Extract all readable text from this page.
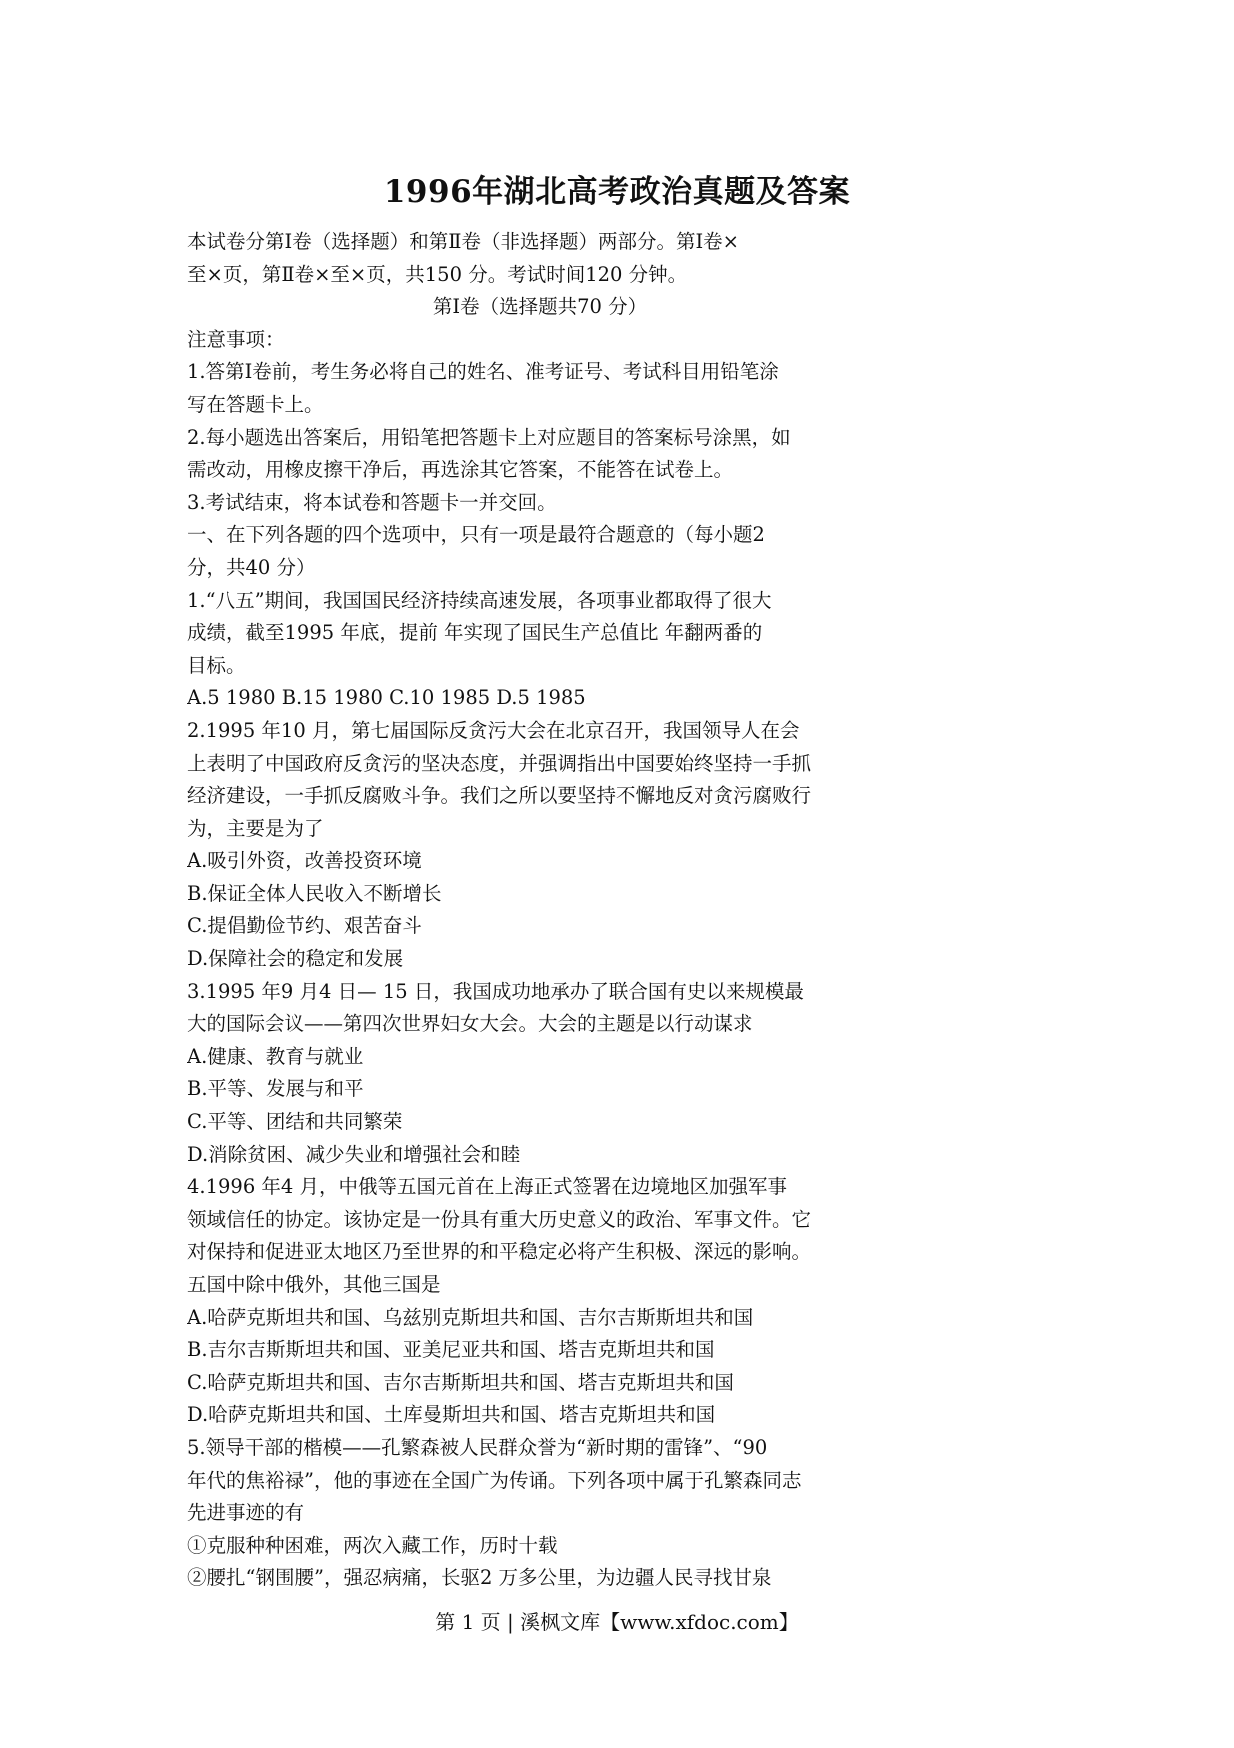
1996年湖北高考政治真题及答案
本试卷分第Ⅰ卷（选择题）和第Ⅱ卷（非选择题）两部分。第Ⅰ卷×
至×页，第Ⅱ卷×至×页，共150 分。考试时间120 分钟。
第Ⅰ卷（选择题共70 分）
注意事项：
1.答第Ⅰ卷前，考生务必将自己的姓名、准考证号、考试科目用铅笔涂
写在答题卡上。
2.每小题选出答案后，用铅笔把答题卡上对应题目的答案标号涂黑，如
需改动，用橡皮擦干净后，再选涂其它答案，不能答在试卷上。
3.考试结束，将本试卷和答题卡一并交回。
一、在下列各题的四个选项中，只有一项是最符合题意的（每小题2
分，共40 分）
1.“八五”期间，我国国民经济持续高速发展，各项事业都取得了很大
成绩，截至1995 年底，提前 年实现了国民生产总值比 年翻两番的
目标。
A.5 1980 B.15 1980 C.10 1985 D.5 1985
2.1995 年10 月，第七届国际反贪污大会在北京召开，我国领导人在会
上表明了中国政府反贪污的坚决态度，并强调指出中国要始终坚持一手抓
经济建设，一手抓反腐败斗争。我们之所以要坚持不懈地反对贪污腐败行
为，主要是为了
A.吸引外资，改善投资环境
B.保证全体人民收入不断增长
C.提倡勤俭节约、艰苦奋斗
D.保障社会的稳定和发展
3.1995 年9 月4 日— 15 日，我国成功地承办了联合国有史以来规模最
大的国际会议——第四次世界妇女大会。大会的主题是以行动谋求
A.健康、教育与就业
B.平等、发展与和平
C.平等、团结和共同繁荣
D.消除贫困、减少失业和增强社会和睦
4.1996 年4 月，中俄等五国元首在上海正式签署在边境地区加强军事
领域信任的协定。该协定是一份具有重大历史意义的政治、军事文件。它
对保持和促进亚太地区乃至世界的和平稳定必将产生积极、深远的影响。
五国中除中俄外，其他三国是
A.哈萨克斯坦共和国、乌兹别克斯坦共和国、吉尔吉斯斯坦共和国
B.吉尔吉斯斯坦共和国、亚美尼亚共和国、塔吉克斯坦共和国
C.哈萨克斯坦共和国、吉尔吉斯斯坦共和国、塔吉克斯坦共和国
D.哈萨克斯坦共和国、土库曼斯坦共和国、塔吉克斯坦共和国
5.领导干部的楷模——孔繁森被人民群众誉为“新时期的雷锋”、“90
年代的焦裕禄”，他的事迹在全国广为传诵。下列各项中属于孔繁森同志
先进事迹的有
①克服种种困难，两次入藏工作，历时十载
②腰扎“钢围腰”，强忍病痛，长驱2 万多公里，为边疆人民寻找甘泉
第 1 页 | 溪枫文库【www.xfdoc.com】
